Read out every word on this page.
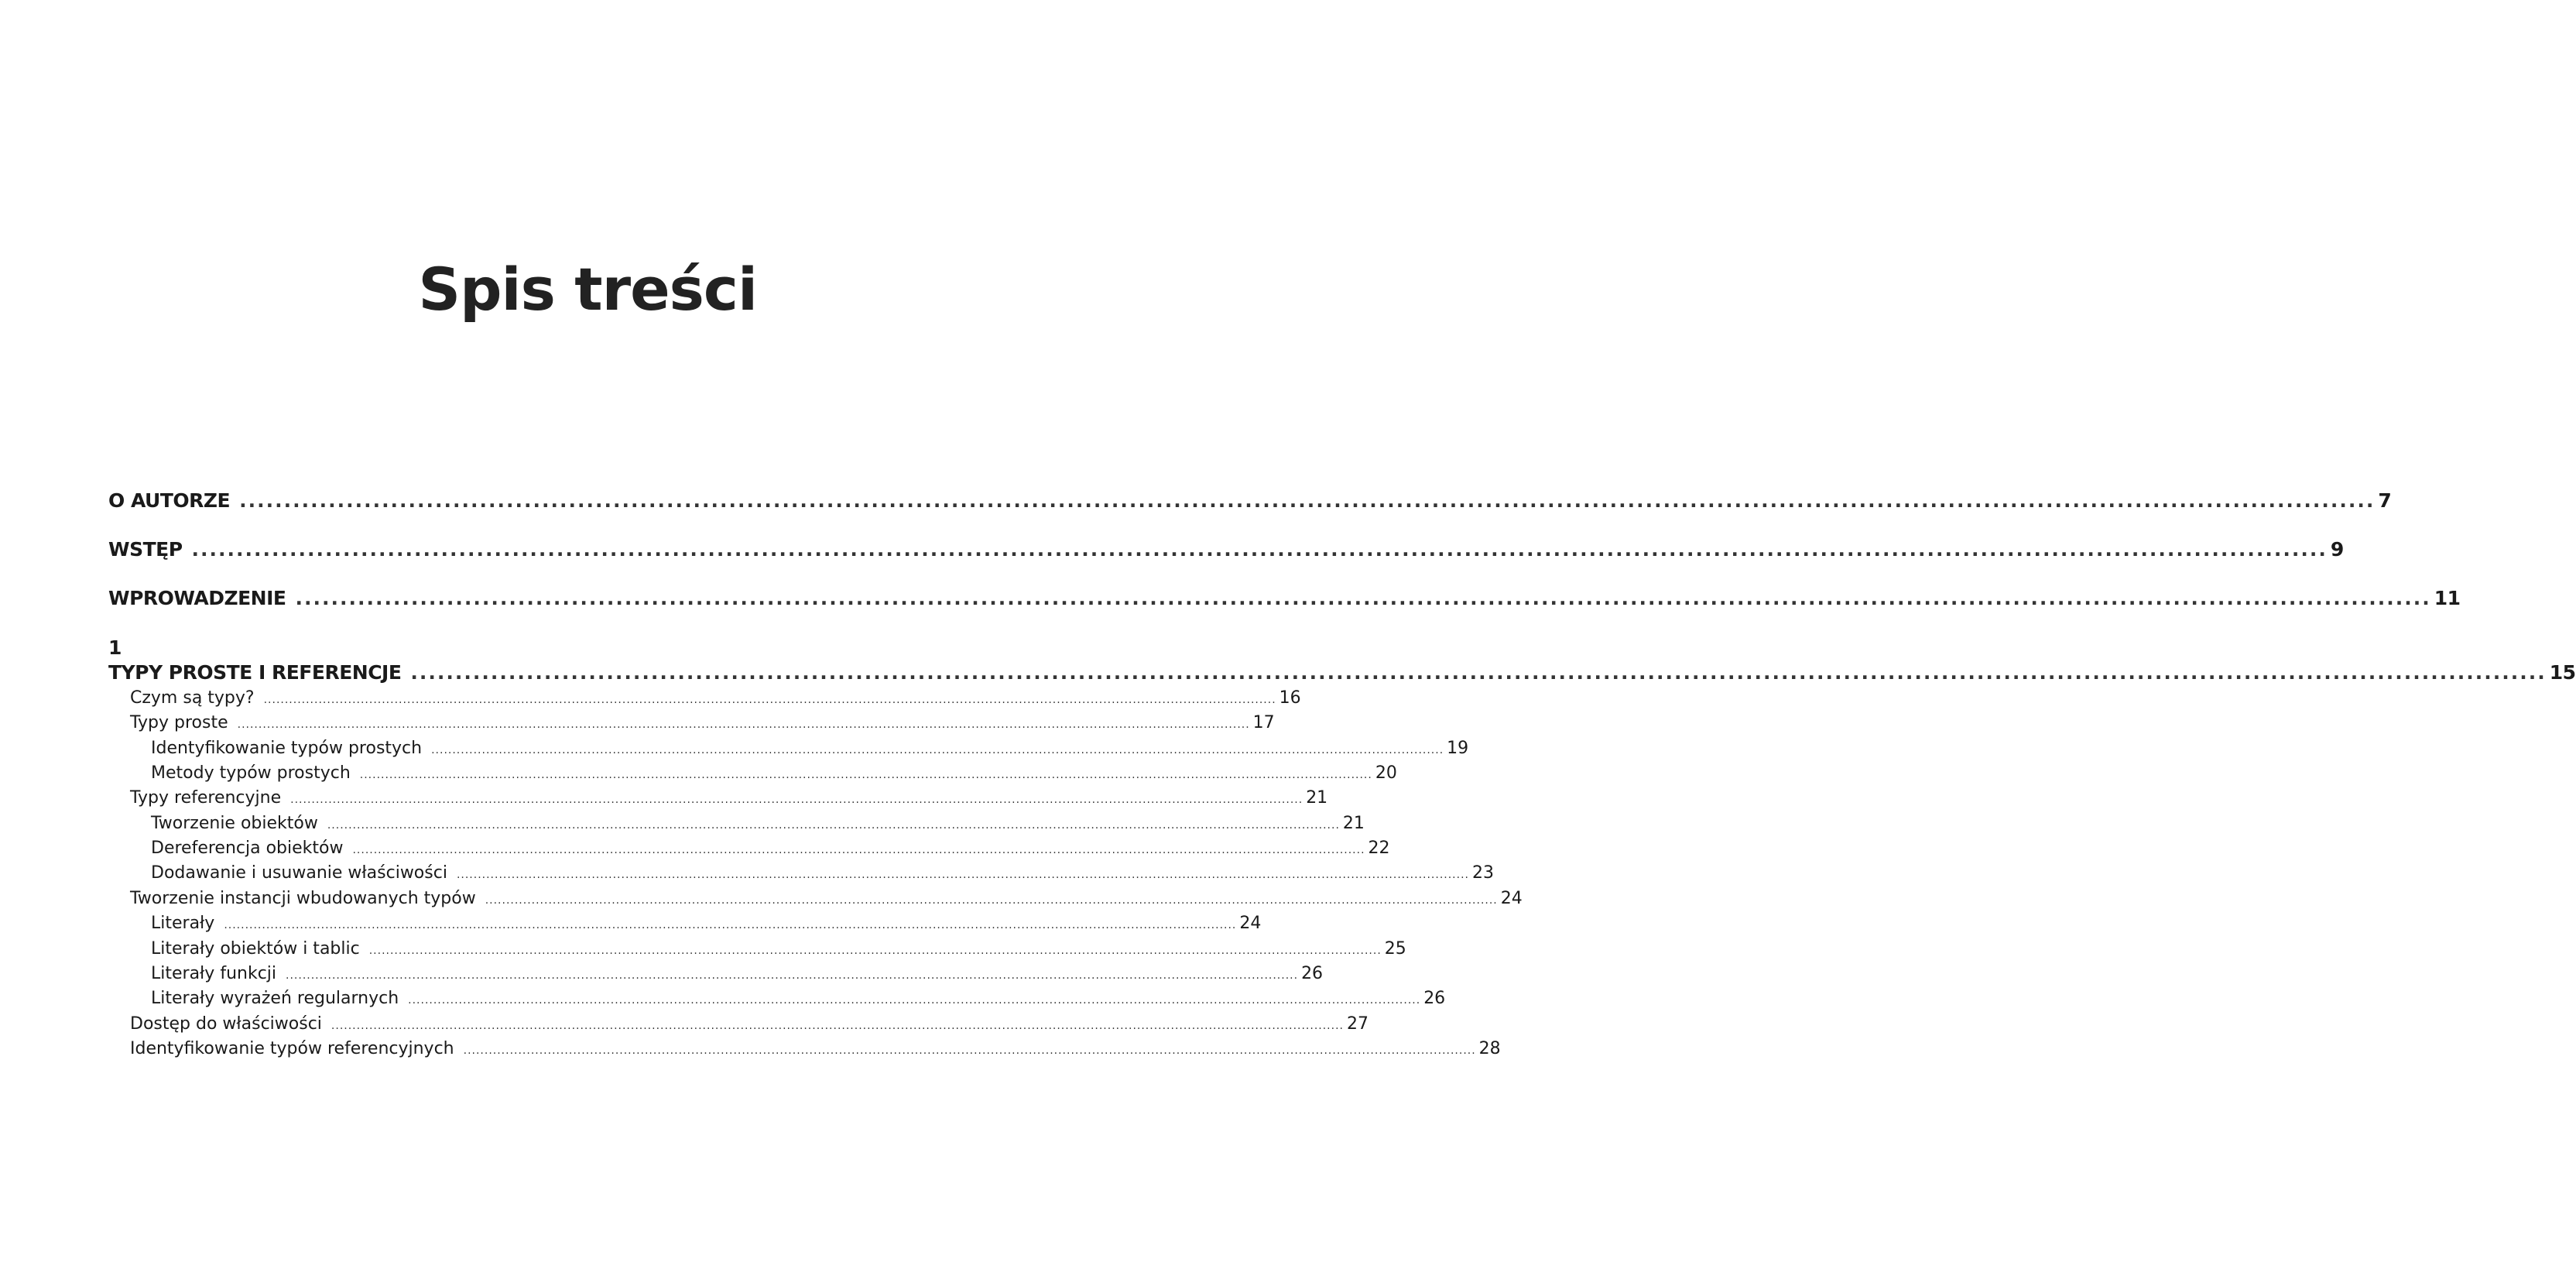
Spis treści
O AUTORZE ................................................................................................................................................................................................................................................ 7
WSTĘP ................................................................................................................................................................................................................................................ 9
WPROWADZENIE ................................................................................................................................................................................................................................................ 11
1
TYPY PROSTE I REFERENCJE ................................................................................................................................................................................................................................................ 15
Czym są typy? ................................................................................................................................................................................................................................................ 16
Typy proste ................................................................................................................................................................................................................................................ 17
Identyfikowanie typów prostych ................................................................................................................................................................................................................................................ 19
Metody typów prostych ................................................................................................................................................................................................................................................ 20
Typy referencyjne ................................................................................................................................................................................................................................................ 21
Tworzenie obiektów ................................................................................................................................................................................................................................................ 21
Dereferencja obiektów ................................................................................................................................................................................................................................................ 22
Dodawanie i usuwanie właściwości ................................................................................................................................................................................................................................................ 23
Tworzenie instancji wbudowanych typów ................................................................................................................................................................................................................................................ 24
Literały ................................................................................................................................................................................................................................................ 24
Literały obiektów i tablic ................................................................................................................................................................................................................................................ 25
Literały funkcji ................................................................................................................................................................................................................................................ 26
Literały wyrażeń regularnych ................................................................................................................................................................................................................................................ 26
Dostęp do właściwości ................................................................................................................................................................................................................................................ 27
Identyfikowanie typów referencyjnych ................................................................................................................................................................................................................................................ 28
